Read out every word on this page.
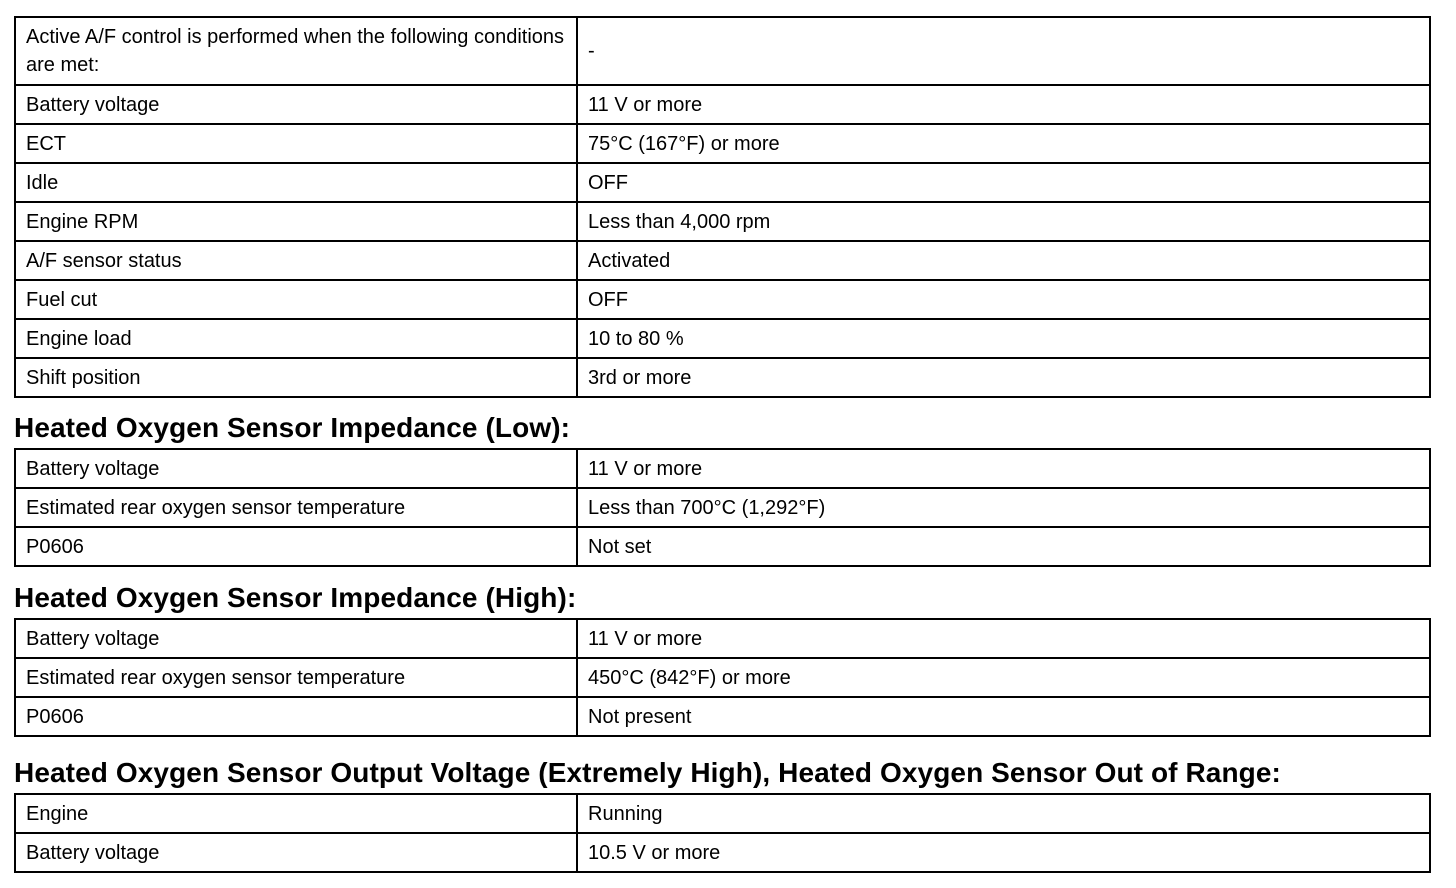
Active A/F control is performed when the following conditions are met:	-
Battery voltage	11 V or more
ECT	75°C (167°F) or more
Idle	OFF
Engine RPM	Less than 4,000 rpm
A/F sensor status	Activated
Fuel cut	OFF
Engine load	10 to 80 %
Shift position	3rd or more
Heated Oxygen Sensor Impedance (Low):
Battery voltage	11 V or more
Estimated rear oxygen sensor temperature	Less than 700°C (1,292°F)
P0606	Not set
Heated Oxygen Sensor Impedance (High):
Battery voltage	11 V or more
Estimated rear oxygen sensor temperature	450°C (842°F) or more
P0606	Not present
Heated Oxygen Sensor Output Voltage (Extremely High), Heated Oxygen Sensor Out of Range:
Engine	Running
Battery voltage	10.5 V or more
